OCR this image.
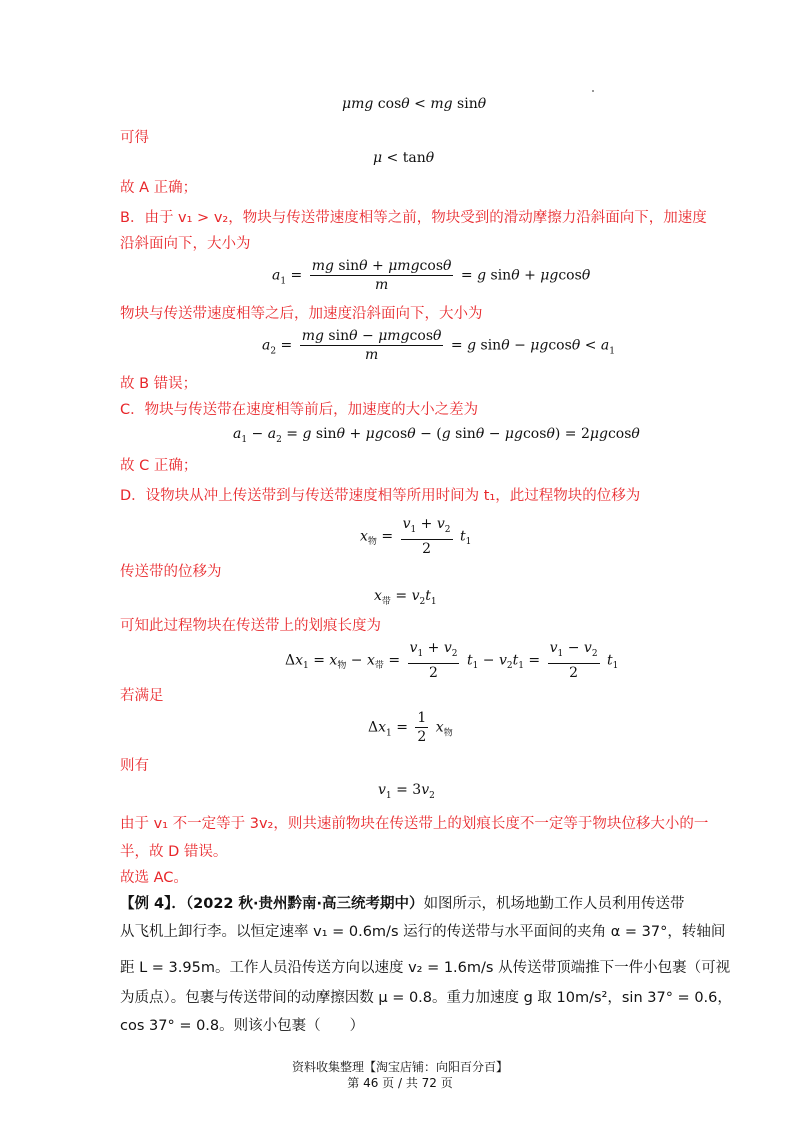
μmg cosθ < mg sinθ
可得
μ < tanθ
故 A 正确；
B．由于 v₁ > v₂，物块与传送带速度相等之前，物块受到的滑动摩擦力沿斜面向下，加速度
沿斜面向下，大小为
$a_1 = \frac{\text{mg sinθ + μmgcosθ}}{m} = g$ sinθ + μgcosθ
物块与传送带速度相等之后，加速度沿斜面向下，大小为
$a_2 = \frac{\text{mg sinθ − μmgcosθ}}{m} = g$ $\sin\theta - \mu gcos\theta < a_1$
故 B 错误；
C．物块与传送带在速度相等前后，加速度的大小之差为
$a_1 - a_2 = g$ sinθ + μgcosθ − (g sinθ − μgcosθ) = 2μgcosθ
故 C 正确；
D．设物块从冲上传送带到与传送带速度相等所用时间为 t₁，此过程物块的位移为
$x_物 = \frac{v_1 + v_2}{2} t_1$
传送带的位移为
$x_带 = v_2t_1$
可知此过程物块在传送带上的划痕长度为
$\Delta x_1 = x_物 - x_带 = \frac{v_1 + v_2}{2} t_1 - v_2t_1 = \frac{v_1 - v_2}{2} t_1$
若满足
$\Delta x_1 = \frac{1}{2} x_物$
则有
$v_1 = 3v_2$
由于 v₁ 不一定等于 3v₂，则共速前物块在传送带上的划痕长度不一定等于物块位移大小的一
半，故 D 错误。
故选 AC。
【例 4】．（2022 秋·贵州黔南·高三统考期中）如图所示，机场地勤工作人员利用传送带
从飞机上卸行李。以恒定速率 v₁ = 0.6m/s 运行的传送带与水平面间的夹角 α = 37°，转轴间
距 L = 3.95m。工作人员沿传送方向以速度 v₂ = 1.6m/s 从传送带顶端推下一件小包裹（可视
为质点）。包裹与传送带间的动摩擦因数 μ = 0.8。重力加速度 g 取 10m/s²，sin 37° = 0.6，
cos 37° = 0.8。则该小包裹（　　）
资料收集整理【淘宝店铺：向阳百分百】
第 46 页 / 共 72 页
